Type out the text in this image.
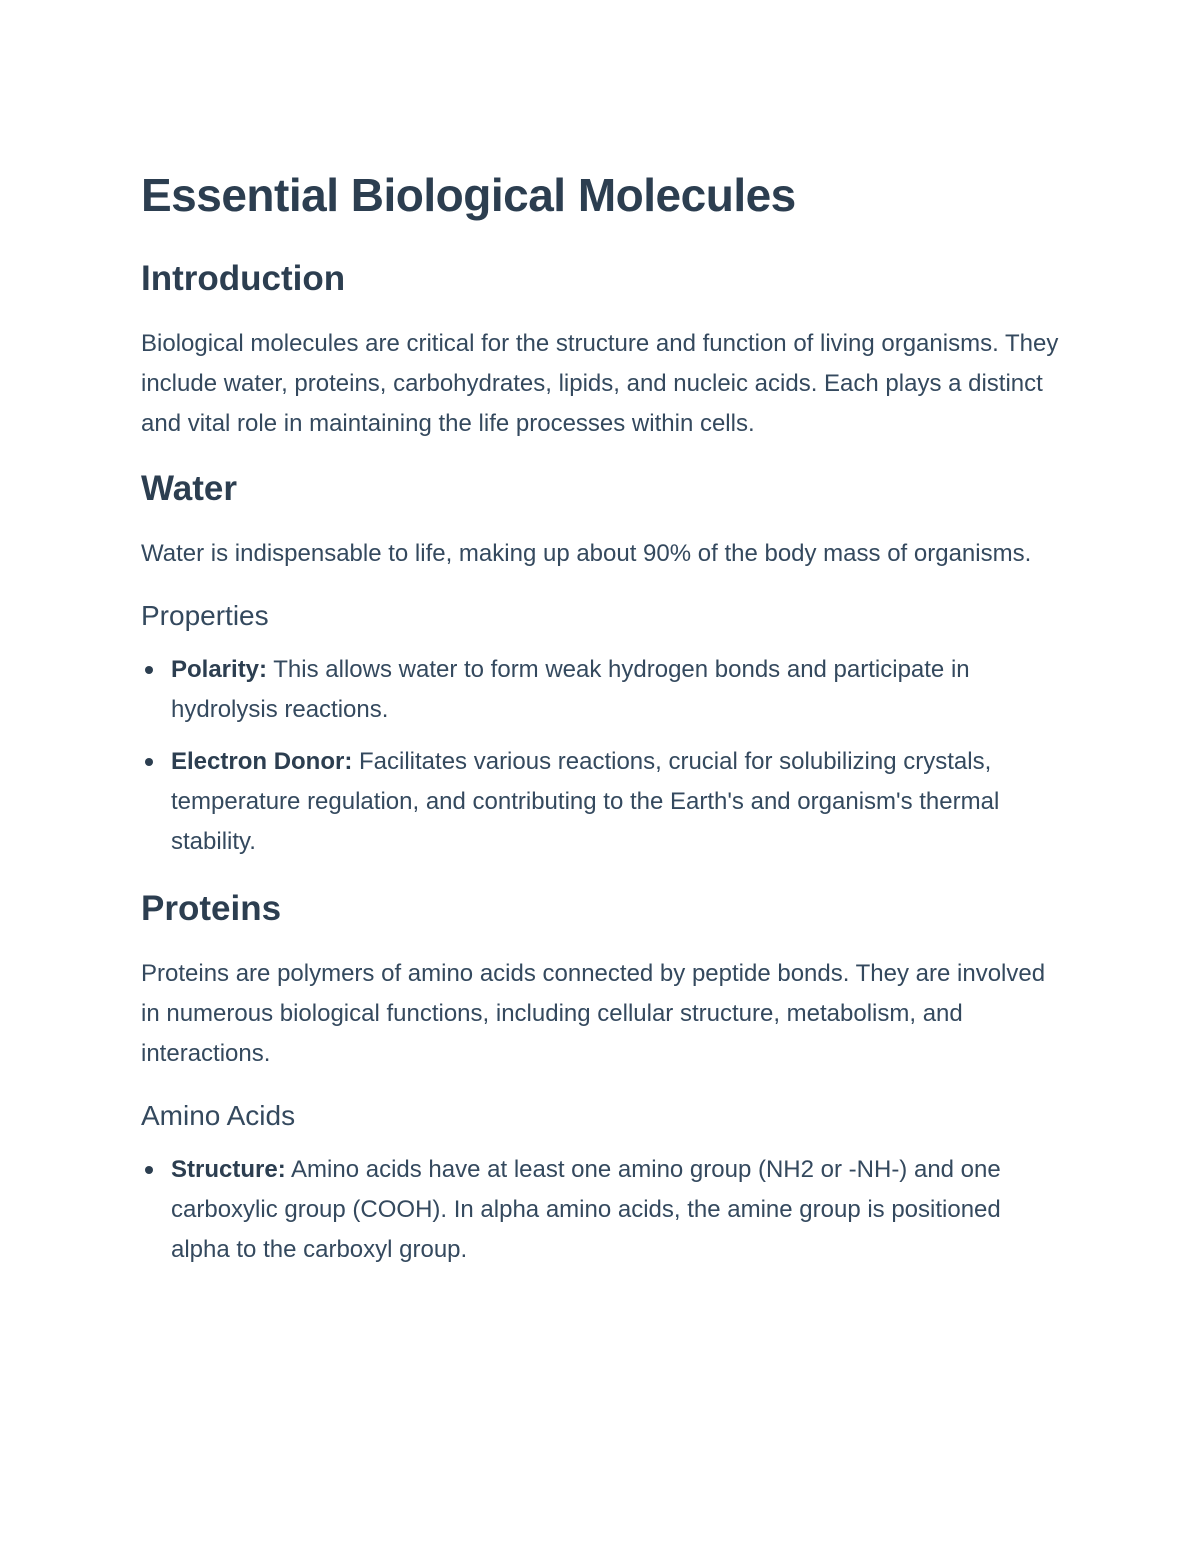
Essential Biological Molecules
Introduction

Biological molecules are critical for the structure and function of living organisms. They include water, proteins, carbohydrates, lipids, and nucleic acids. Each plays a distinct and vital role in maintaining the life processes within cells.

Water

Water is indispensable to life, making up about 90% of the body mass of organisms.

Properties
Polarity: This allows water to form weak hydrogen bonds and participate in hydrolysis reactions.
Electron Donor: Facilitates various reactions, crucial for solubilizing crystals, temperature regulation, and contributing to the Earth's and organism's thermal stability.
Proteins

Proteins are polymers of amino acids connected by peptide bonds. They are involved in numerous biological functions, including cellular structure, metabolism, and interactions.

Amino Acids
Structure: Amino acids have at least one amino group (NH2 or -NH-) and one carboxylic group (COOH). In alpha amino acids, the amine group is positioned alpha to the carboxyl group.
